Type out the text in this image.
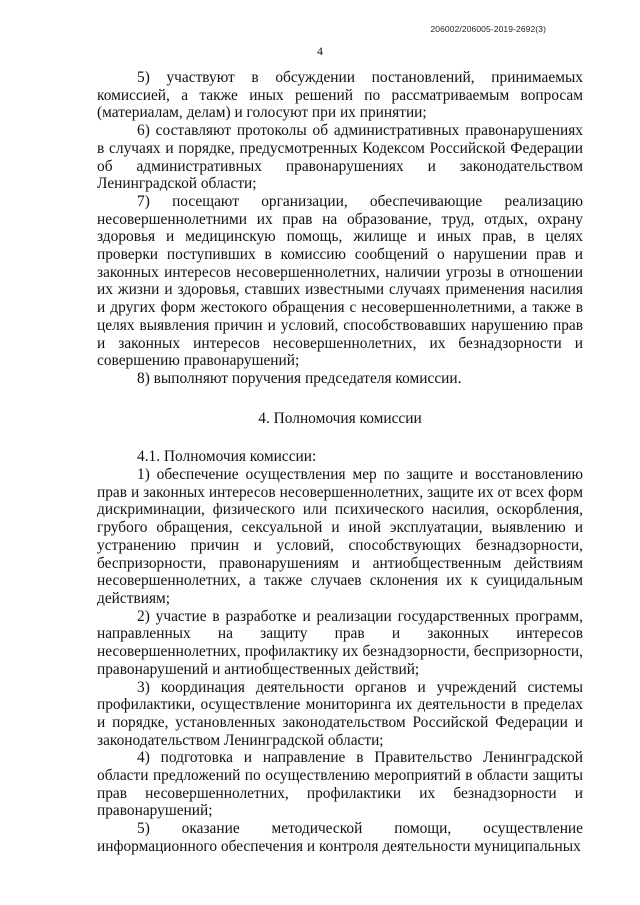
206002/206005-2019-2692(3)
4

5) участвуют в обсуждении постановлений, принимаемых комиссией, а также иных решений по рассматриваемым вопросам (материалам, делам) и голосуют при их принятии;

6) составляют протоколы об административных правонарушениях в случаях и порядке, предусмотренных Кодексом Российской Федерации об административных правонарушениях и законодательством Ленинградской области;

7) посещают организации, обеспечивающие реализацию несовершеннолетними их прав на образование, труд, отдых, охрану здоровья и медицинскую помощь, жилище и иных прав, в целях проверки поступивших в комиссию сообщений о нарушении прав и законных интересов несовершеннолетних, наличии угрозы в отношении их жизни и здоровья, ставших известными случаях применения насилия и других форм жестокого обращения с несовершеннолетними, а также в целях выявления причин и условий, способствовавших нарушению прав и законных интересов несовершеннолетних, их безнадзорности и совершению правонарушений;

8) выполняют поручения председателя комиссии.

4. Полномочия комиссии

4.1. Полномочия комиссии:

1) обеспечение осуществления мер по защите и восстановлению прав и законных интересов несовершеннолетних, защите их от всех форм дискриминации, физического или психического насилия, оскорбления, грубого обращения, сексуальной и иной эксплуатации, выявлению и устранению причин и условий, способствующих безнадзорности, беспризорности, правонарушениям и антиобщественным действиям несовершеннолетних, а также случаев склонения их к суицидальным действиям;

2) участие в разработке и реализации государственных программ, направленных на защиту прав и законных интересов несовершеннолетних, профилактику их безнадзорности, беспризорности, правонарушений и антиобщественных действий;

3) координация деятельности органов и учреждений системы профилактики, осуществление мониторинга их деятельности в пределах и порядке, установленных законодательством Российской Федерации и законодательством Ленинградской области;

4) подготовка и направление в Правительство Ленинградской области предложений по осуществлению мероприятий в области защиты прав несовершеннолетних, профилактики их безнадзорности и правонарушений;

5) оказание методической помощи, осуществление информационного обеспечения и контроля деятельности муниципальных
